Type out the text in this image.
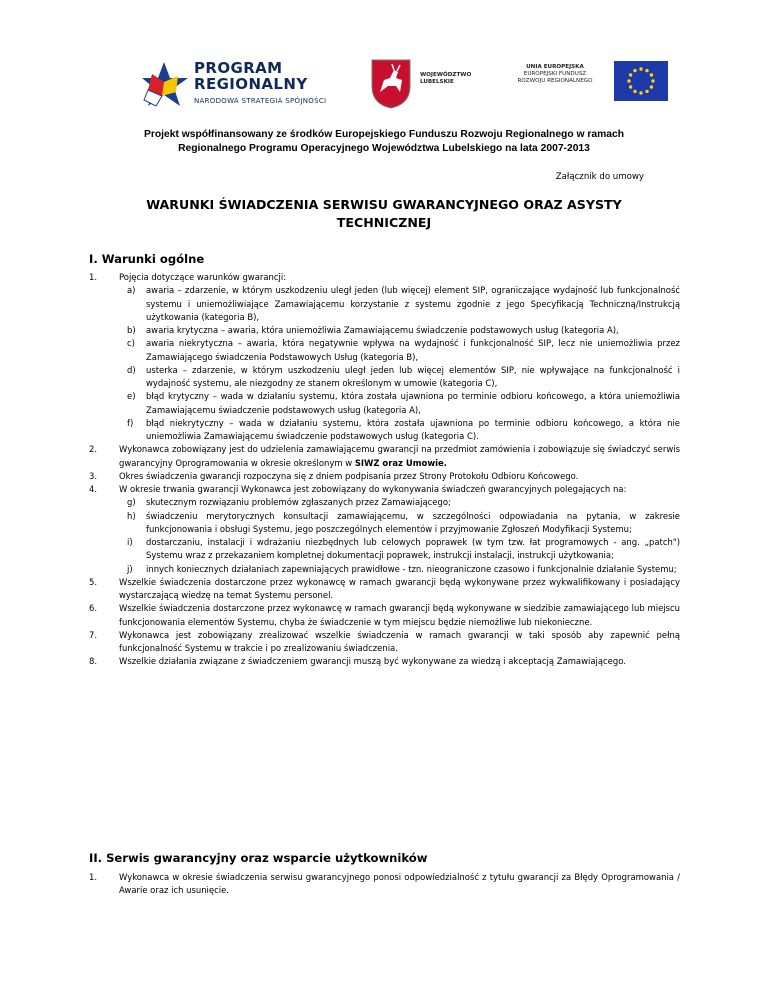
PROGRAM
REGIONALNY
NARODOWA STRATEGIA SPÓJNOŚCI
WOJEWÓDZTWO
LUBELSKIE
UNIA EUROPEJSKA
EUROPEJSKI FUNDUSZ
ROZWOJU REGIONALNEGO
Projekt współfinansowany ze środków Europejskiego Funduszu Rozwoju Regionalnego w ramach
Regionalnego Programu Operacyjnego Województwa Lubelskiego na lata 2007-2013
Załącznik do umowy
WARUNKI ŚWIADCZENIA SERWISU GWARANCYJNEGO ORAZ ASYSTY
TECHNICZNEJ
I. Warunki ogólne
1.	Pojęcia dotyczące warunków gwarancji:
a) awaria – zdarzenie, w którym uszkodzeniu uległ jeden (lub więcej) element SIP, ograniczające wydajność lub funkcjonalność systemu i uniemożliwiające Zamawiającemu korzystanie z systemu zgodnie z jego Specyfikacją Techniczną/Instrukcją użytkowania (kategoria B),
b) awaria krytyczna – awaria, która uniemożliwia Zamawiającemu świadczenie podstawowych usług (kategoria A),
c) awaria niekrytyczna – awaria, która negatywnie wpływa na wydajność i funkcjonalność SIP, lecz nie uniemożliwia przez Zamawiającego świadczenia Podstawowych Usług (kategoria B),
d) usterka – zdarzenie, w którym uszkodzeniu uległ jeden lub więcej elementów SIP, nie wpływające na funkcjonalność i wydajność systemu, ale niezgodny ze stanem określonym w umowie (kategoria C),
e) błąd krytyczny – wada w działaniu systemu, która została ujawniona po terminie odbioru końcowego, a która uniemożliwia Zamawiającemu świadczenie podstawowych usług (kategoria A),
f) błąd niekrytyczny – wada w działaniu systemu, która została ujawniona po terminie odbioru końcowego, a która nie uniemożliwia Zamawiającemu świadczenie podstawowych usług (kategoria C).
2.	Wykonawca zobowiązany jest do udzielenia zamawiającemu gwarancji na przedmiot zamówienia i zobowiązuje się świadczyć serwis gwarancyjny Oprogramowania w okresie określonym w SIWZ oraz Umowie.
3.	Okres świadczenia gwarancji rozpoczyna się z dniem podpisania przez Strony Protokołu Odbioru Końcowego.
4.	W okresie trwania gwarancji Wykonawca jest zobowiązany do wykonywania świadczeń gwarancyjnych polegających na:
g) skutecznym rozwiązaniu problemów zgłaszanych przez Zamawiającego;
h) świadczeniu merytorycznych konsultacji zamawiającemu, w szczególności odpowiadania na pytania, w zakresie funkcjonowania i obsługi Systemu, jego poszczególnych elementów i przyjmowanie Zgłoszeń Modyfikacji Systemu;
i) dostarczaniu, instalacji i wdrażaniu niezbędnych lub celowych poprawek (w tym tzw. łat programowych - ang. „patch") Systemu wraz z przekazaniem kompletnej dokumentacji poprawek, instrukcji instalacji, instrukcji użytkowania;
j) innych koniecznych działaniach zapewniających prawidłowe - tzn. nieograniczone czasowo i funkcjonalnie działanie Systemu;
5.	Wszelkie świadczenia dostarczone przez wykonawcę w ramach gwarancji będą wykonywane przez wykwalifikowany i posiadający wystarczającą wiedzę na temat Systemu personel.
6.	Wszelkie świadczenia dostarczone przez wykonawcę w ramach gwarancji będą wykonywane w siedzibie zamawiającego lub miejscu funkcjonowania elementów Systemu, chyba że świadczenie w tym miejscu będzie niemożliwe lub niekonieczne.
7.	Wykonawca jest zobowiązany zrealizować wszelkie świadczenia w ramach gwarancji w taki sposób aby zapewnić pełną funkcjonalność Systemu w trakcie i po zrealizowaniu świadczenia.
8.	Wszelkie działania związane z świadczeniem gwarancji muszą być wykonywane za wiedzą i akceptacją Zamawiającego.
II. Serwis gwarancyjny oraz wsparcie użytkowników
1.	Wykonawca w okresie świadczenia serwisu gwarancyjnego ponosi odpowiedzialność z tytułu gwarancji za Błędy Oprogramowania / Awarie oraz ich usunięcie.
